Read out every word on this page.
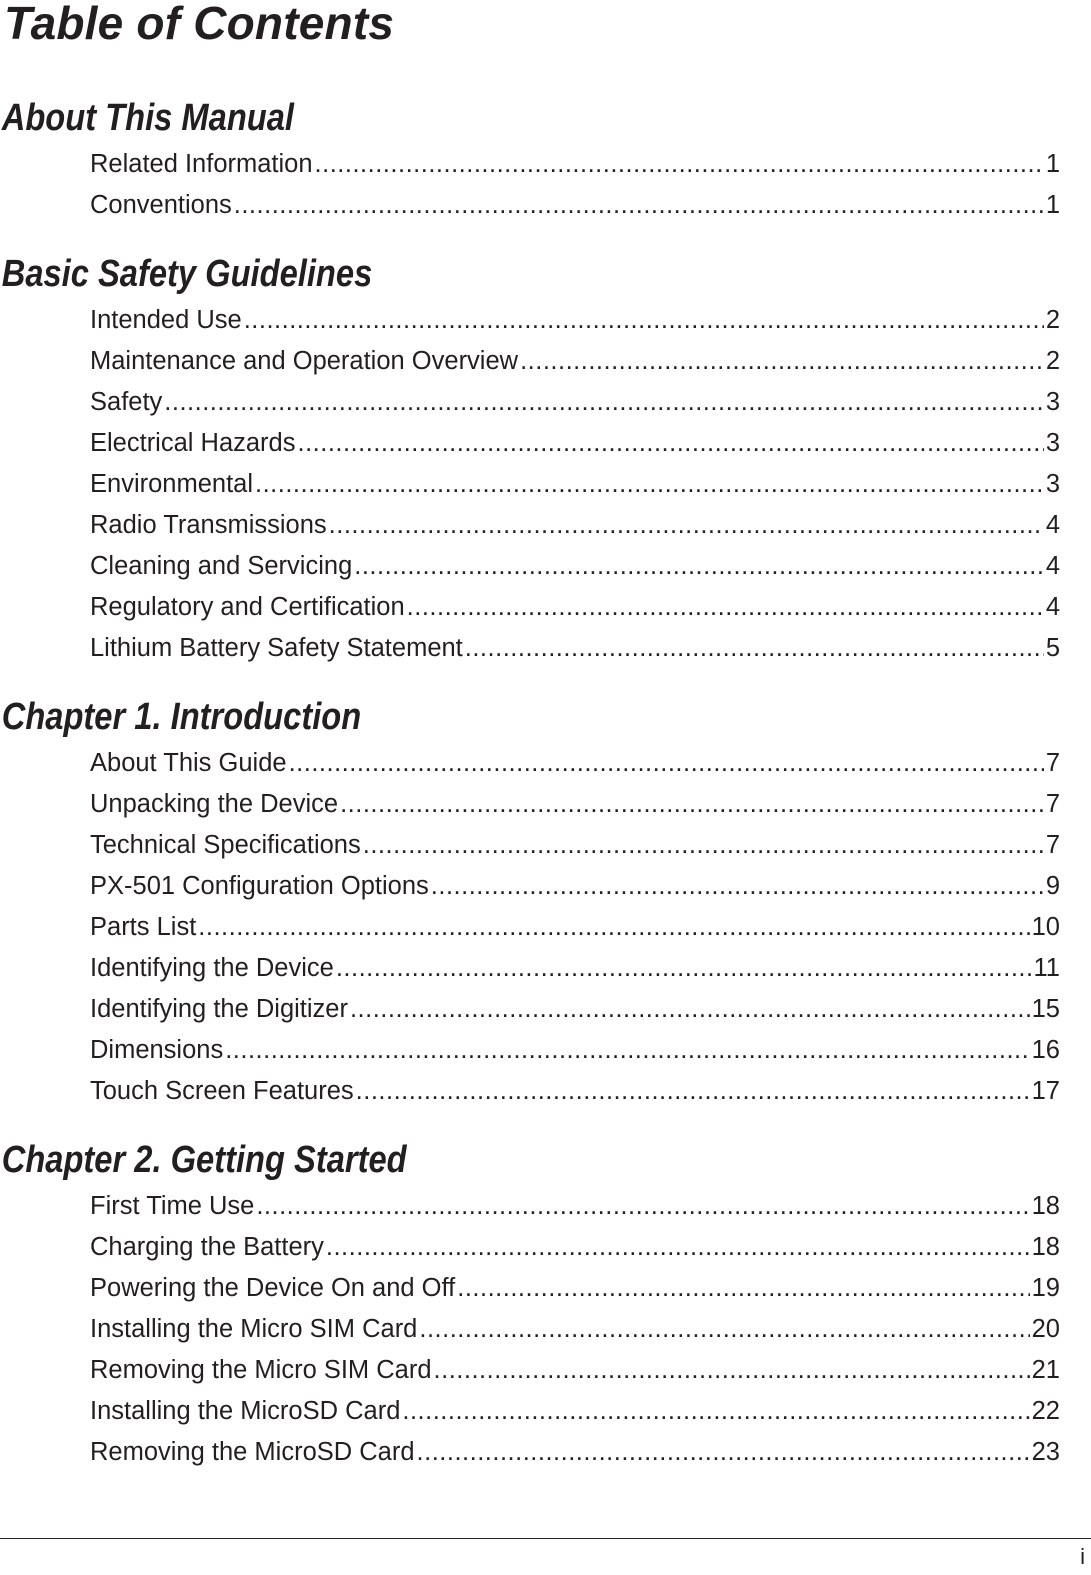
Table of Contents
About This Manual
Related Information .....	1
Conventions .....	1
Basic Safety Guidelines
Intended Use .....	2
Maintenance and Operation Overview .....	2
Safety .....	3
Electrical Hazards .....	3
Environmental .....	3
Radio Transmissions .....	4
Cleaning and Servicing .....	4
Regulatory and Certification .....	4
Lithium Battery Safety Statement .....	5
Chapter 1. Introduction
About This Guide .....	7
Unpacking the Device .....	7
Technical Specifications .....	7
PX-501 Configuration Options .....	9
Parts List .....	10
Identifying the Device .....	11
Identifying the Digitizer .....	15
Dimensions .....	16
Touch Screen Features .....	17
Chapter 2. Getting Started
First Time Use .....	18
Charging the Battery .....	18
Powering the Device On and Off .....	19
Installing the Micro SIM Card .....	20
Removing the Micro SIM Card .....	21
Installing the MicroSD Card .....	22
Removing the MicroSD Card .....	23
i
